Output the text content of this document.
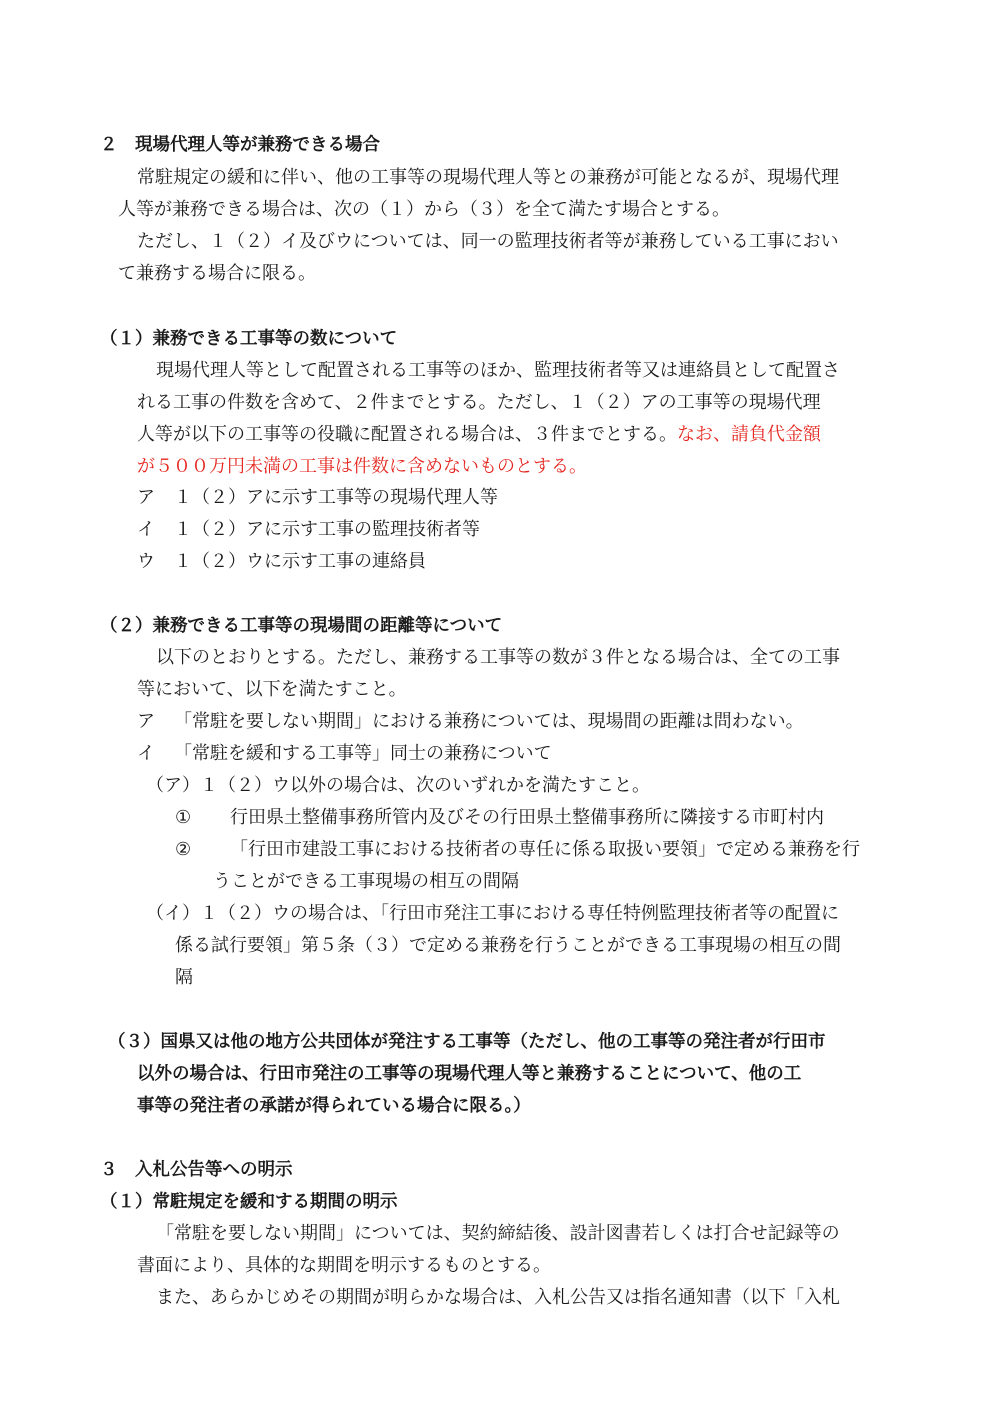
２　現場代理人等が兼務できる場合
常駐規定の緩和に伴い、他の工事等の現場代理人等との兼務が可能となるが、現場代理
人等が兼務できる場合は、次の（１）から（３）を全て満たす場合とする。
ただし、１（２）イ及びウについては、同一の監理技術者等が兼務している工事におい
て兼務する場合に限る。
（１）兼務できる工事等の数について
現場代理人等として配置される工事等のほか、監理技術者等又は連絡員として配置さ
れる工事の件数を含めて、２件までとする。ただし、１（２）アの工事等の現場代理
人等が以下の工事等の役職に配置される場合は、３件までとする。なお、請負代金額
が５００万円未満の工事は件数に含めないものとする。
ア １（２）アに示す工事等の現場代理人等
イ １（２）アに示す工事の監理技術者等
ウ １（２）ウに示す工事の連絡員
（２）兼務できる工事等の現場間の距離等について
以下のとおりとする。ただし、兼務する工事等の数が３件となる場合は、全ての工事
等において、以下を満たすこと。
ア 「常駐を要しない期間」における兼務については、現場間の距離は問わない。
イ 「常駐を緩和する工事等」同士の兼務について
（ア）１（２）ウ以外の場合は、次のいずれかを満たすこと。
① 行田県土整備事務所管内及びその行田県土整備事務所に隣接する市町村内
② 「行田市建設工事における技術者の専任に係る取扱い要領」で定める兼務を行
うことができる工事現場の相互の間隔
（イ）１（２）ウの場合は、「行田市発注工事における専任特例監理技術者等の配置に
係る試行要領」第５条（３）で定める兼務を行うことができる工事現場の相互の間
隔
（３）国県又は他の地方公共団体が発注する工事等（ただし、他の工事等の発注者が行田市
以外の場合は、行田市発注の工事等の現場代理人等と兼務することについて、他の工
事等の発注者の承諾が得られている場合に限る。）
３　入札公告等への明示
（１）常駐規定を緩和する期間の明示
「常駐を要しない期間」については、契約締結後、設計図書若しくは打合せ記録等の
書面により、具体的な期間を明示するものとする。
また、あらかじめその期間が明らかな場合は、入札公告又は指名通知書（以下「入札
